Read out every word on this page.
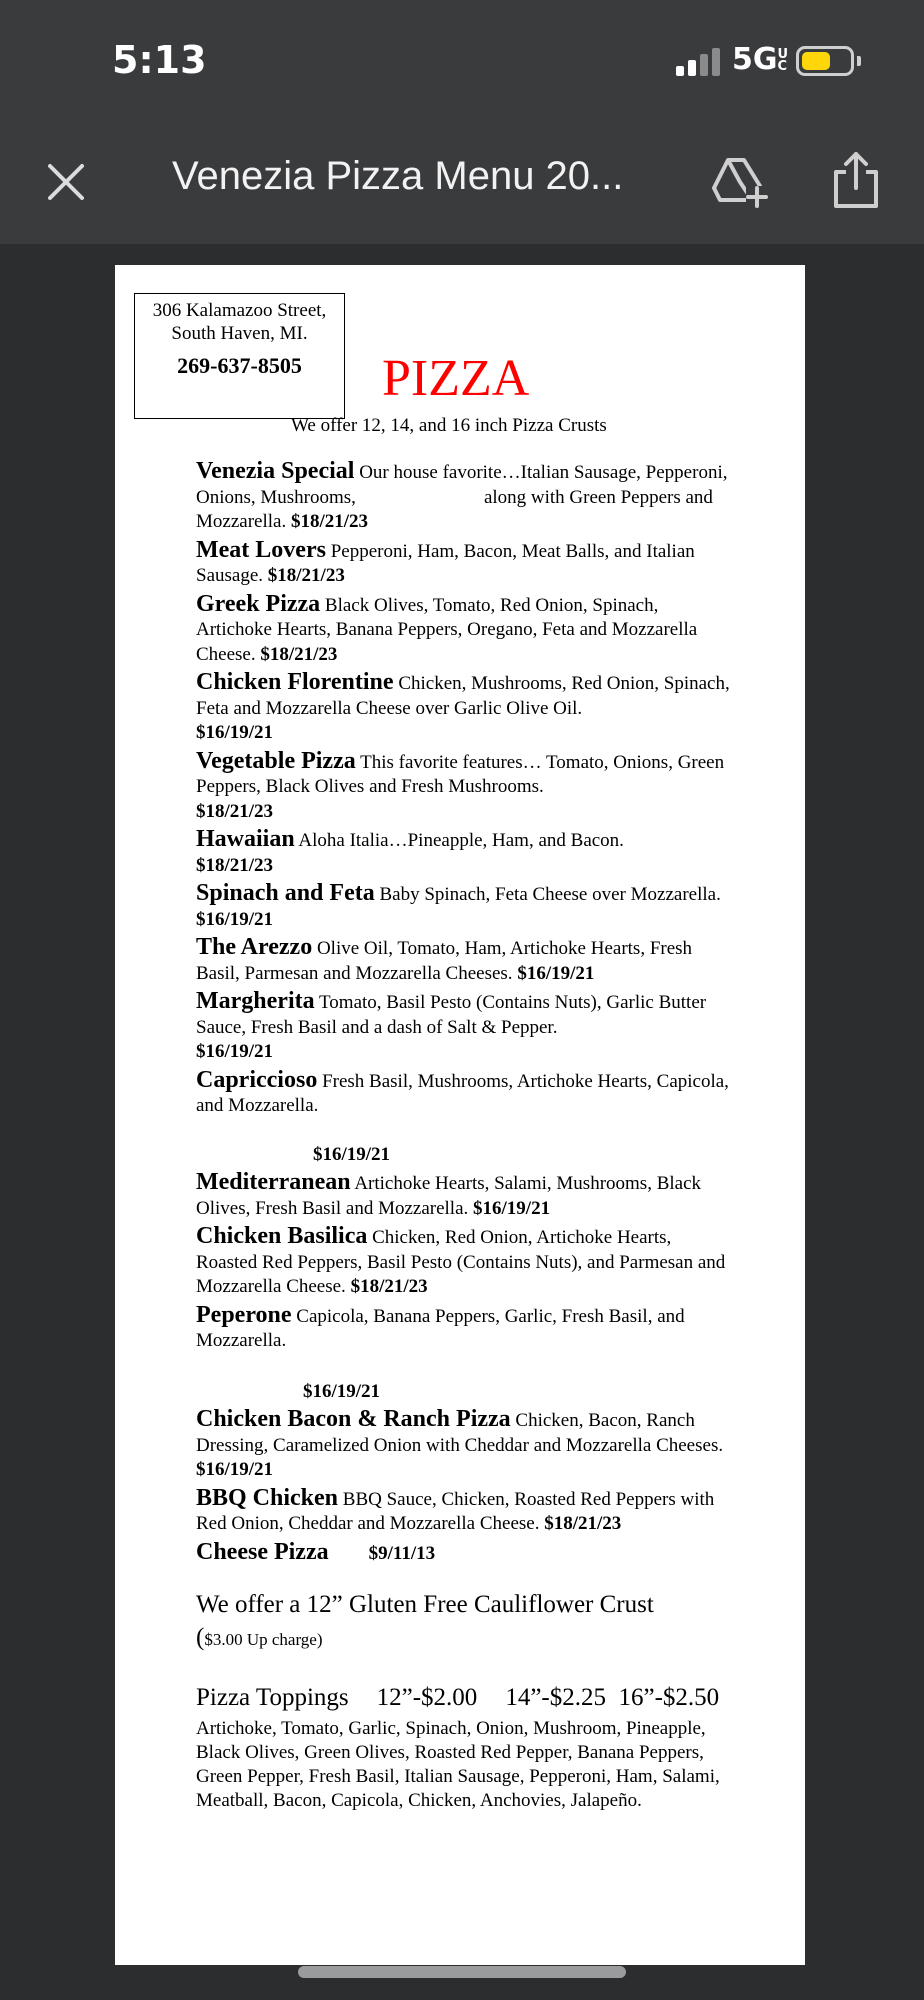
5:13	5GUC
Venezia Pizza Menu 20...
306 Kalamazoo Street,
South Haven, MI.
269-637-8505	PIZZA
We offer 12, 14, and 16 inch Pizza Crusts
Venezia Special Our house favorite…Italian Sausage, Pepperoni, Onions, Mushrooms,	along with Green Peppers and Mozzarella. $18/21/23
Meat Lovers Pepperoni, Ham, Bacon, Meat Balls, and Italian Sausage. $18/21/23
Greek Pizza Black Olives, Tomato, Red Onion, Spinach, Artichoke Hearts, Banana Peppers, Oregano, Feta and Mozzarella Cheese. $18/21/23
Chicken Florentine Chicken, Mushrooms, Red Onion, Spinach, Feta and Mozzarella Cheese over Garlic Olive Oil.
$16/19/21
Vegetable Pizza This favorite features… Tomato, Onions, Green Peppers, Black Olives and Fresh Mushrooms.
$18/21/23
Hawaiian Aloha Italia…Pineapple, Ham, and Bacon.
$18/21/23
Spinach and Feta Baby Spinach, Feta Cheese over Mozzarella. $16/19/21
The Arezzo Olive Oil, Tomato, Ham, Artichoke Hearts, Fresh Basil, Parmesan and Mozzarella Cheeses. $16/19/21
Margherita Tomato, Basil Pesto (Contains Nuts), Garlic Butter Sauce, Fresh Basil and a dash of Salt & Pepper.
$16/19/21
Capriccioso Fresh Basil, Mushrooms, Artichoke Hearts, Capicola, and Mozzarella.
$16/19/21
Mediterranean Artichoke Hearts, Salami, Mushrooms, Black Olives, Fresh Basil and Mozzarella. $16/19/21
Chicken Basilica Chicken, Red Onion, Artichoke Hearts, Roasted Red Peppers, Basil Pesto (Contains Nuts), and Parmesan and Mozzarella Cheese. $18/21/23
Peperone Capicola, Banana Peppers, Garlic, Fresh Basil, and Mozzarella.
$16/19/21
Chicken Bacon & Ranch Pizza Chicken, Bacon, Ranch Dressing, Caramelized Onion with Cheddar and Mozzarella Cheeses. $16/19/21
BBQ Chicken BBQ Sauce, Chicken, Roasted Red Peppers with Red Onion, Cheddar and Mozzarella Cheese. $18/21/23
Cheese Pizza $9/11/13
We offer a 12” Gluten Free Cauliflower Crust
($3.00 Up charge)
Pizza Toppings 12”-$2.00 14”-$2.25 16”-$2.50
Artichoke, Tomato, Garlic, Spinach, Onion, Mushroom, Pineapple, Black Olives, Green Olives, Roasted Red Pepper, Banana Peppers, Green Pepper, Fresh Basil, Italian Sausage, Pepperoni, Ham, Salami, Meatball, Bacon, Capicola, Chicken, Anchovies, Jalapeño.
